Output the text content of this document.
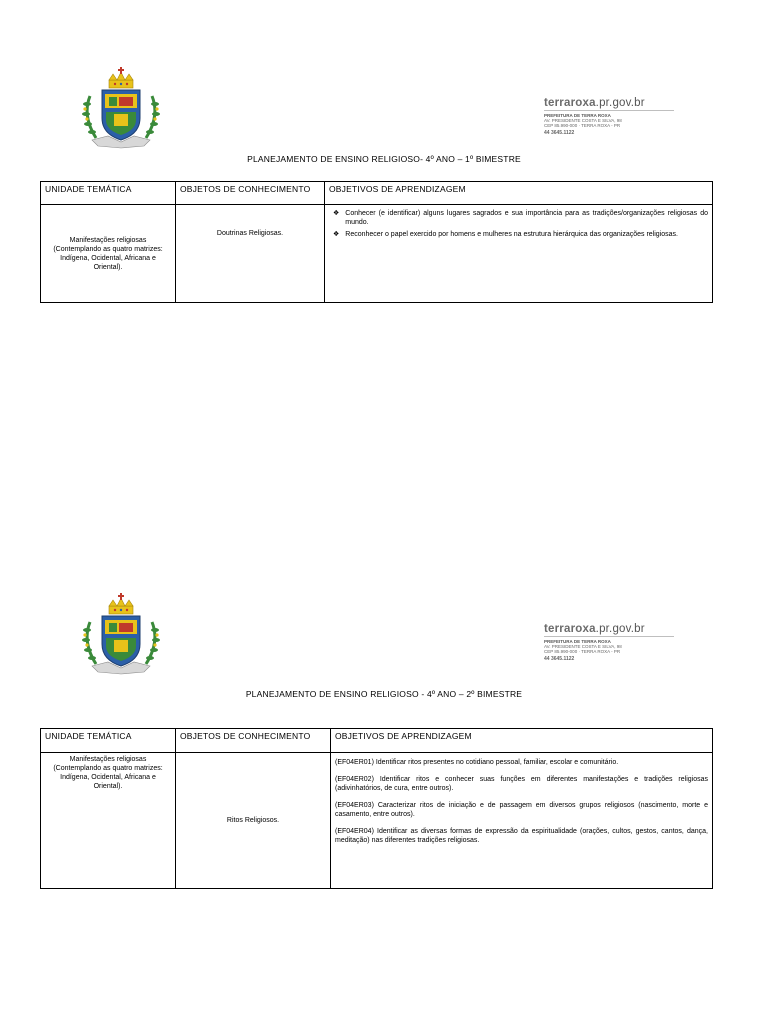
terraroxa.pr.gov.br
PREFEITURA DE TERRA ROXA
AV. PRESIDENTE COSTA E SILVA, 98
CEP 85.990-000 · TERRA ROXA - PR
44 3645.1122
PLANEJAMENTO DE ENSINO RELIGIOSO- 4º ANO – 1º BIMESTRE
UNIDADE TEMÁTICA	OBJETOS DE CONHECIMENTO	OBJETIVOS DE APRENDIZAGEM
Manifestações religiosas (Contemplando as quatro matrizes: Indígena, Ocidental, Africana e Oriental).	Doutrinas Religiosas.	❖ Conhecer (e identificar) alguns lugares sagrados e sua importância para as tradições/organizações religiosas do mundo.
❖ Reconhecer o papel exercido por homens e mulheres na estrutura hierárquica das organizações religiosas.
terraroxa.pr.gov.br
PREFEITURA DE TERRA ROXA
AV. PRESIDENTE COSTA E SILVA, 98
CEP 85.990-000 · TERRA ROXA - PR
44 3645.1122
PLANEJAMENTO DE ENSINO RELIGIOSO - 4º ANO – 2º BIMESTRE
UNIDADE TEMÁTICA	OBJETOS DE CONHECIMENTO	OBJETIVOS DE APRENDIZAGEM

Manifestações religiosas (Contemplando as quatro matrizes: Indígena, Ocidental, Africana e Oriental).	Ritos Religiosos.	(EF04ER01) Identificar ritos presentes no cotidiano pessoal, familiar, escolar e comunitário.
(EF04ER02) Identificar ritos e conhecer suas funções em diferentes manifestações e tradições religiosas (adivinhatórios, de cura, entre outros).
(EF04ER03) Caracterizar ritos de iniciação e de passagem em diversos grupos religiosos (nascimento, morte e casamento, entre outros).
(EF04ER04) Identificar as diversas formas de expressão da espiritualidade (orações, cultos, gestos, cantos, dança, meditação) nas diferentes tradições religiosas.
